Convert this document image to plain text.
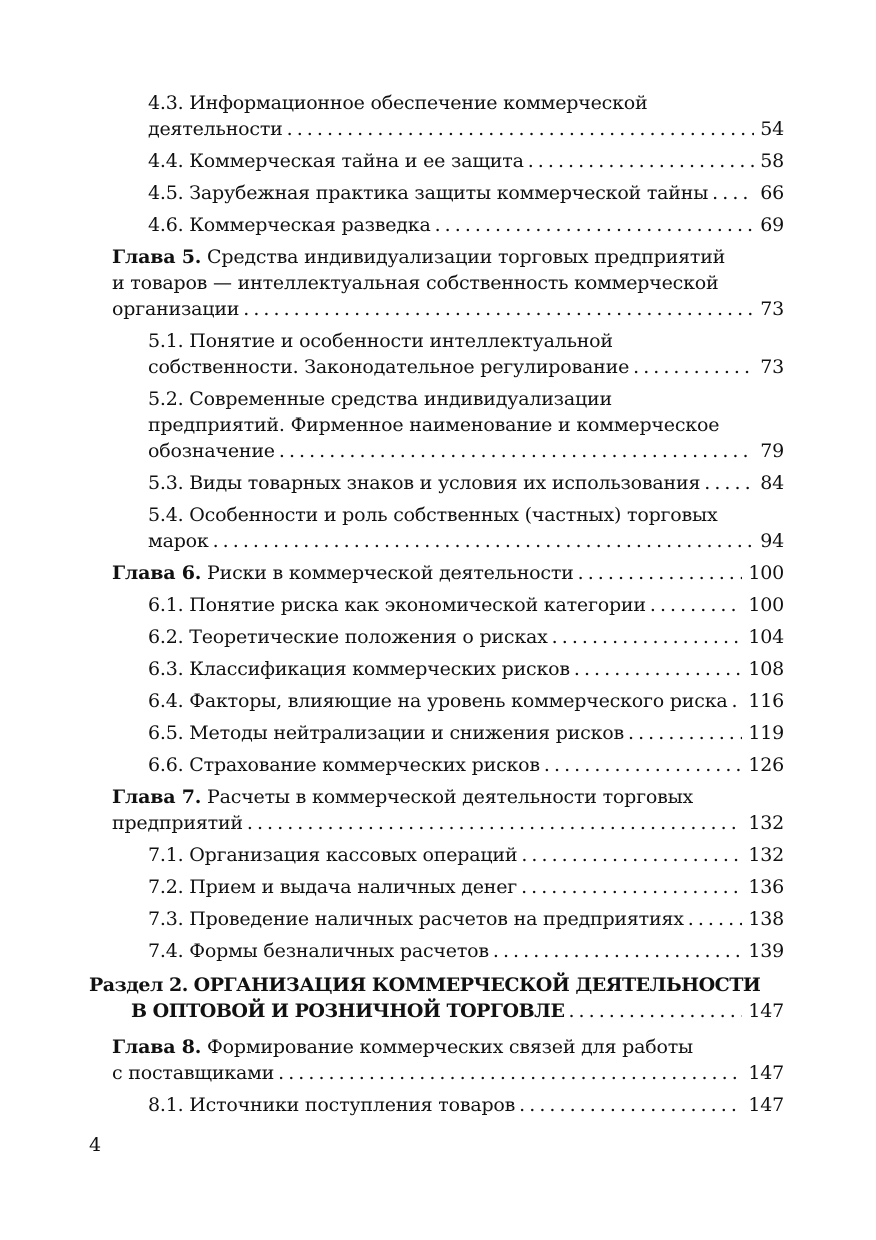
4.3. Информационное обеспечение коммерческой
деятельности . . .	54
4.4. Коммерческая тайна и ее защита . . .	58
4.5. Зарубежная практика защиты коммерческой тайны . . .	66
4.6. Коммерческая разведка . . .	69
Глава 5. Средства индивидуализации торговых предприятий
и товаров — интеллектуальная собственность коммерческой
организации . . .	73
5.1. Понятие и особенности интеллектуальной
собственности. Законодательное регулирование . . .	73
5.2. Современные средства индивидуализации
предприятий. Фирменное наименование и коммерческое
обозначение . . .	79
5.3. Виды товарных знаков и условия их использования . . .	84
5.4. Особенности и роль собственных (частных) торговых
марок . . .	94
Глава 6. Риски в коммерческой деятельности . . .	100
6.1. Понятие риска как экономической категории . . .	100
6.2. Теоретические положения о рисках . . .	104
6.3. Классификация коммерческих рисков . . .	108
6.4. Факторы, влияющие на уровень коммерческого риска . . . 116
6.5. Методы нейтрализации и снижения рисков . . .	119
6.6. Страхование коммерческих рисков . . .	126
Глава 7. Расчеты в коммерческой деятельности торговых
предприятий . . .	132
7.1. Организация кассовых операций . . .	132
7.2. Прием и выдача наличных денег . . .	136
7.3. Проведение наличных расчетов на предприятиях . . .	138
7.4. Формы безналичных расчетов . . .	139
Раздел 2. ОРГАНИЗАЦИЯ КОММЕРЧЕСКОЙ ДЕЯТЕЛЬНОСТИ
В ОПТОВОЙ И РОЗНИЧНОЙ ТОРГОВЛЕ . . .	147
Глава 8. Формирование коммерческих связей для работы
с поставщиками . . .	147
8.1. Источники поступления товаров . . .	147
4
